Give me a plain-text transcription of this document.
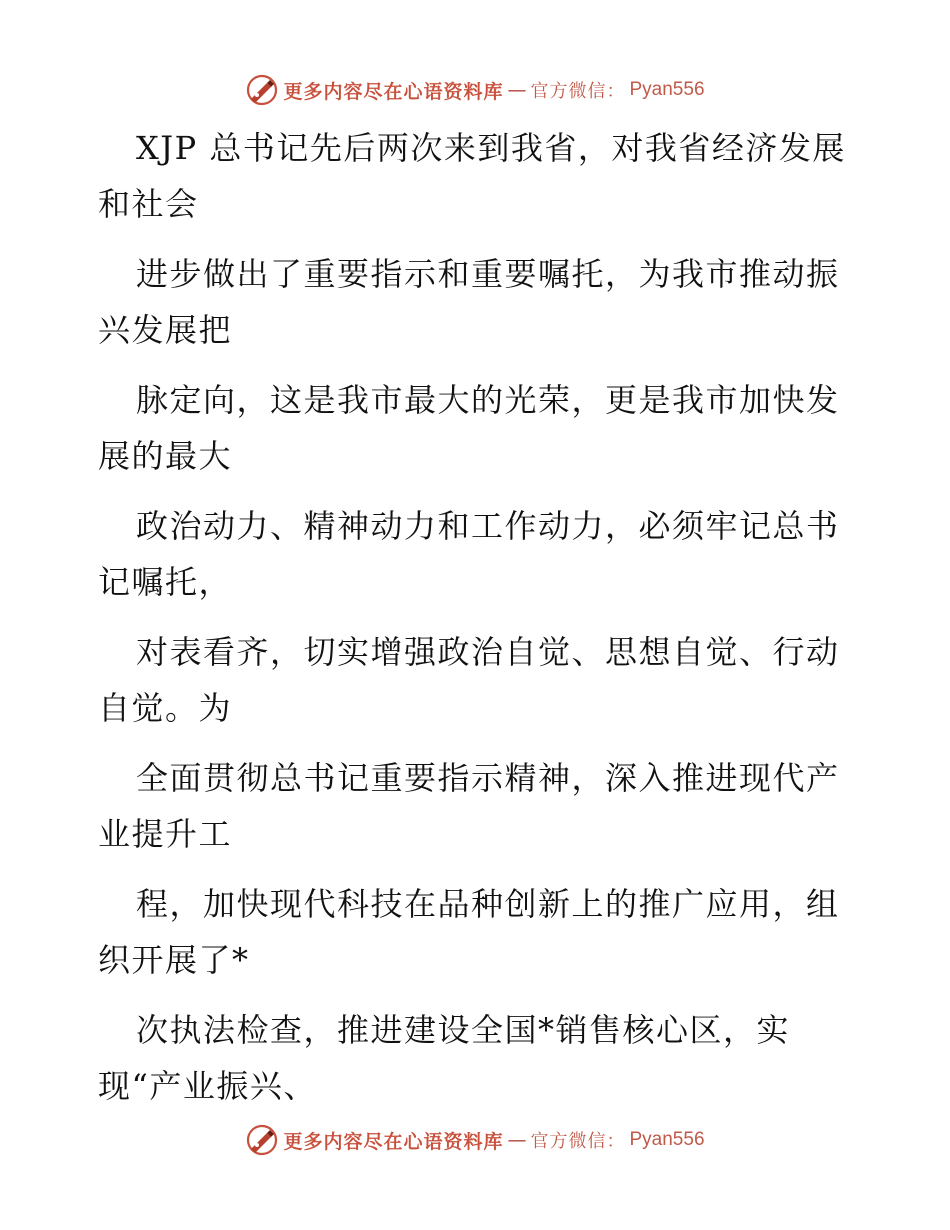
更多内容尽在心语资料库 — 官方微信： Pyan556

XJP 总书记先后两次来到我省，对我省经济发展
和社会

进步做出了重要指示和重要嘱托，为我市推动振
兴发展把

脉定向，这是我市最大的光荣，更是我市加快发
展的最大

政治动力、精神动力和工作动力，必须牢记总书
记嘱托，

对表看齐，切实增强政治自觉、思想自觉、行动
自觉。为

全面贯彻总书记重要指示精神，深入推进现代产
业提升工

程，加快现代科技在品种创新上的推广应用，组
织开展了*

次执法检查，推进建设全国*销售核心区，实
现“产业振兴、

更多内容尽在心语资料库 — 官方微信： Pyan556
